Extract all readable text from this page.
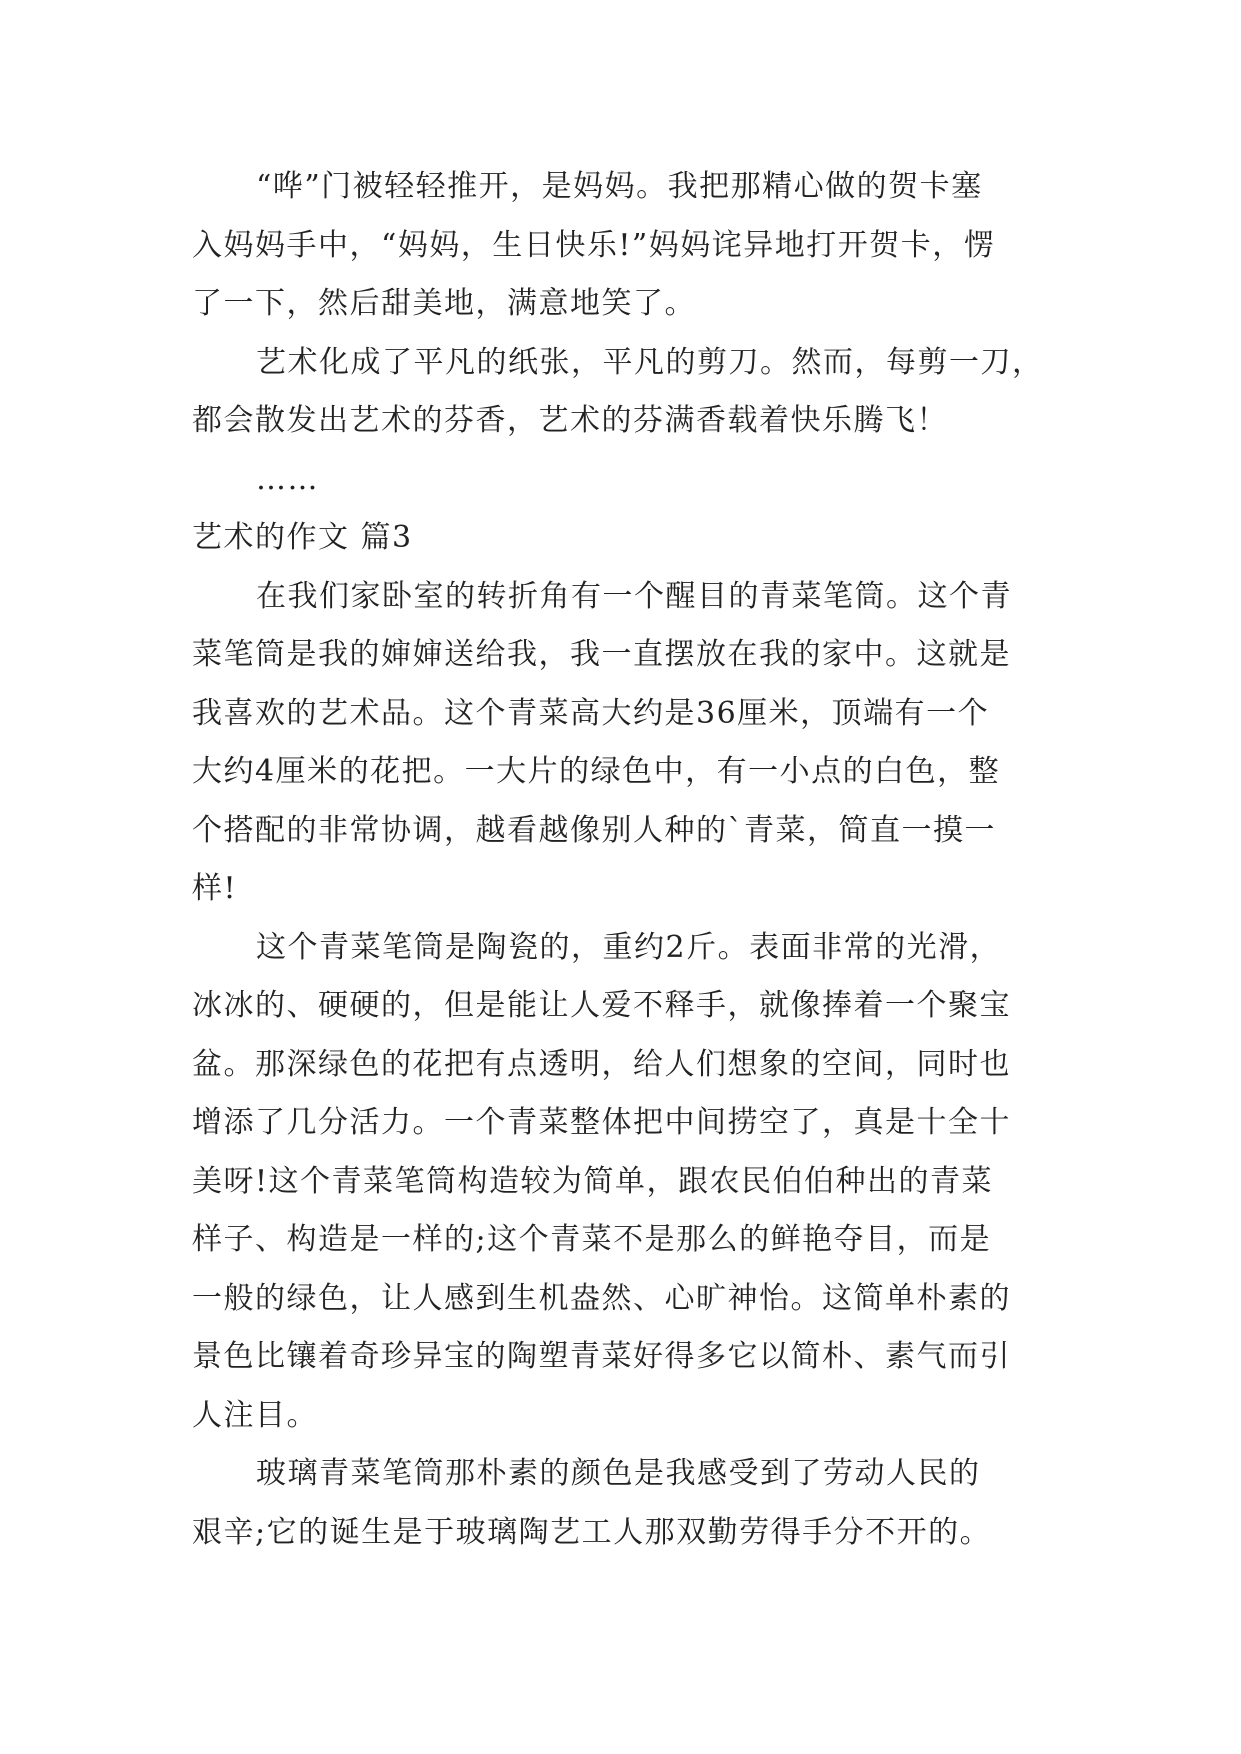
“哗”门被轻轻推开，是妈妈。我把那精心做的贺卡塞
入妈妈手中，“妈妈，生日快乐!”妈妈诧异地打开贺卡，愣
了一下，然后甜美地，满意地笑了。
艺术化成了平凡的纸张，平凡的剪刀。然而，每剪一刀，
都会散发出艺术的芬香，艺术的芬满香载着快乐腾飞！
……
艺术的作文 篇3
在我们家卧室的转折角有一个醒目的青菜笔筒。这个青
菜笔筒是我的婶婶送给我，我一直摆放在我的家中。这就是
我喜欢的艺术品。这个青菜高大约是36厘米，顶端有一个
大约4厘米的花把。一大片的绿色中，有一小点的白色，整
个搭配的非常协调，越看越像别人种的`青菜，简直一摸一
样!
这个青菜笔筒是陶瓷的，重约2斤。表面非常的光滑，
冰冰的、硬硬的，但是能让人爱不释手，就像捧着一个聚宝
盆。那深绿色的花把有点透明，给人们想象的空间，同时也
增添了几分活力。一个青菜整体把中间捞空了，真是十全十
美呀!这个青菜笔筒构造较为简单，跟农民伯伯种出的青菜
样子、构造是一样的;这个青菜不是那么的鲜艳夺目，而是
一般的绿色，让人感到生机盎然、心旷神怡。这简单朴素的
景色比镶着奇珍异宝的陶塑青菜好得多它以简朴、素气而引
人注目。
玻璃青菜笔筒那朴素的颜色是我感受到了劳动人民的
艰辛;它的诞生是于玻璃陶艺工人那双勤劳得手分不开的。
